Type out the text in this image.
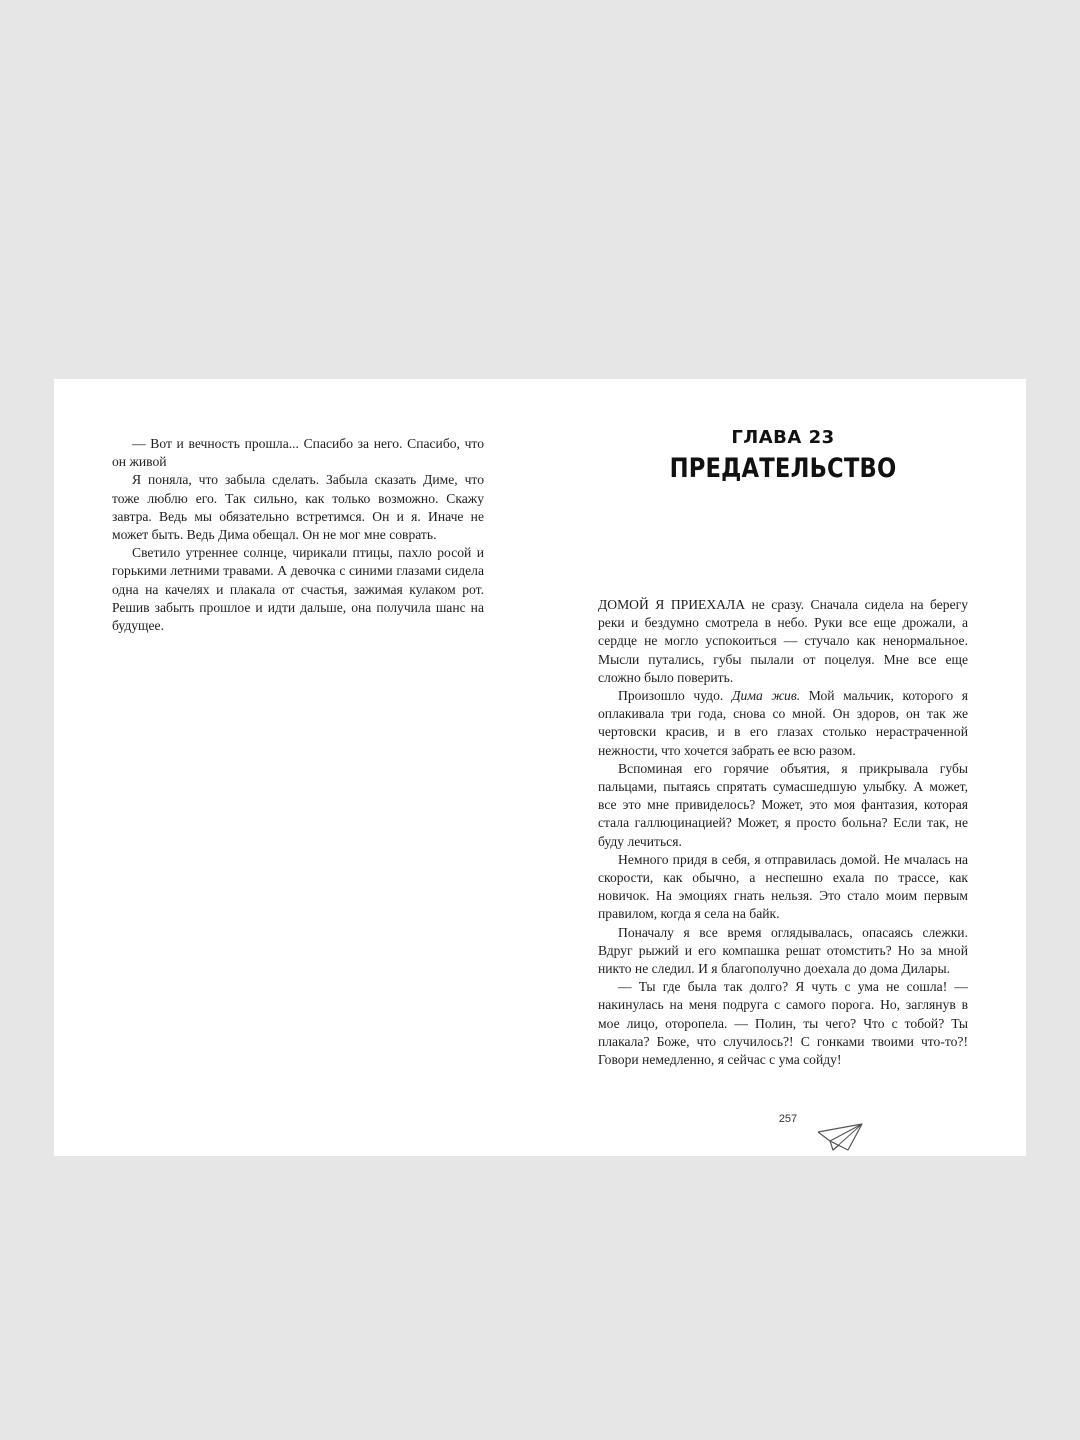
— Вот и вечность прошла... Спасибо за него. Спасибо, что он живой

Я поняла, что забыла сделать. Забыла сказать Диме, что тоже люблю его. Так сильно, как только возможно. Скажу завтра. Ведь мы обязательно встретимся. Он и я. Иначе не может быть. Ведь Дима обещал. Он не мог мне соврать.

Светило утреннее солнце, чирикали птицы, пахло росой и горькими летними травами. А девочка с синими глазами сидела одна на качелях и плакала от счастья, зажимая кулаком рот. Решив забыть прошлое и идти дальше, она получила шанс на будущее.

ГЛАВА 23
ПРЕДАТЕЛЬСТВО

ДОМОЙ Я ПРИЕХАЛА не сразу. Сначала сидела на берегу реки и бездумно смотрела в небо. Руки все еще дрожали, а сердце не могло успокоиться — стучало как ненормальное. Мысли путались, губы пылали от поцелуя. Мне все еще сложно было поверить.

Произошло чудо. Дима жив. Мой мальчик, которого я оплакивала три года, снова со мной. Он здоров, он так же чертовски красив, и в его глазах столько нерастраченной нежности, что хочется забрать ее всю разом.

Вспоминая его горячие объятия, я прикрывала губы пальцами, пытаясь спрятать сумасшедшую улыбку. А может, все это мне привиделось? Может, это моя фантазия, которая стала галлюцинацией? Может, я просто больна? Если так, не буду лечиться.

Немного придя в себя, я отправилась домой. Не мчалась на скорости, как обычно, а неспешно ехала по трассе, как новичок. На эмоциях гнать нельзя. Это стало моим первым правилом, когда я села на байк.

Поначалу я все время оглядывалась, опасаясь слежки. Вдруг рыжий и его компашка решат отомстить? Но за мной никто не следил. И я благополучно доехала до дома Дилары.

— Ты где была так долго? Я чуть с ума не сошла! — накинулась на меня подруга с самого порога. Но, заглянув в мое лицо, оторопела. — Полин, ты чего? Что с тобой? Ты плакала? Боже, что случилось?! С гонками твоими что-то?! Говори немедленно, я сейчас с ума сойду!

257
